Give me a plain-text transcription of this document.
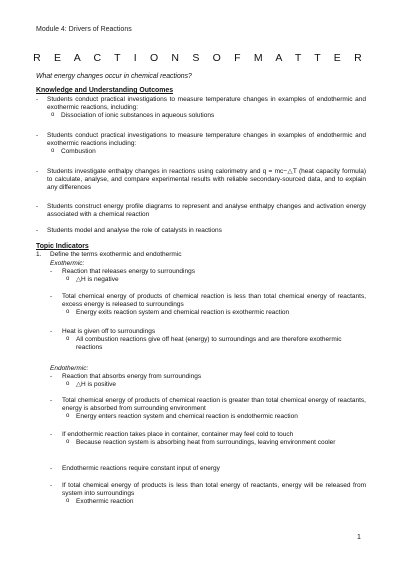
Module 4: Drivers of Reactions
R E A C T I O N S O F M A T T E R
What energy changes occur in chemical reactions?
Knowledge and Understanding Outcomes
- Students conduct practical investigations to measure temperature changes in examples of endothermic and exothermic reactions, including:
o Dissociation of ionic substances in aqueous solutions
- Students conduct practical investigations to measure temperature changes in examples of endothermic and exothermic reactions including:
o Combustion
- Students investigate enthalpy changes in reactions using calorimetry and q = mc−△T (heat capacity formula) to calculate, analyse, and compare experimental results with reliable secondary-sourced data, and to explain any differences
- Students construct energy profile diagrams to represent and analyse enthalpy changes and activation energy associated with a chemical reaction
- Students model and analyse the role of catalysts in reactions
Topic Indicators
1. Define the terms exothermic and endothermic
Exothermic:
- Reaction that releases energy to surroundings
o △H is negative
- Total chemical energy of products of chemical reaction is less than total chemical energy of reactants, excess energy is released to surroundings
o Energy exits reaction system and chemical reaction is exothermic reaction
- Heat is given off to surroundings
o All combustion reactions give off heat (energy) to surroundings and are therefore exothermic reactions
Endothermic:
- Reaction that absorbs energy from surroundings
o △H is positive
- Total chemical energy of products of chemical reaction is greater than total chemical energy of reactants, energy is absorbed from surrounding environment
o Energy enters reaction system and chemical reaction is endothermic reaction
- If endothermic reaction takes place in container, container may feel cold to touch
o Because reaction system is absorbing heat from surroundings, leaving environment cooler
- Endothermic reactions require constant input of energy
- If total chemical energy of products is less than total energy of reactants, energy will be released from system into surroundings
o Exothermic reaction
1
